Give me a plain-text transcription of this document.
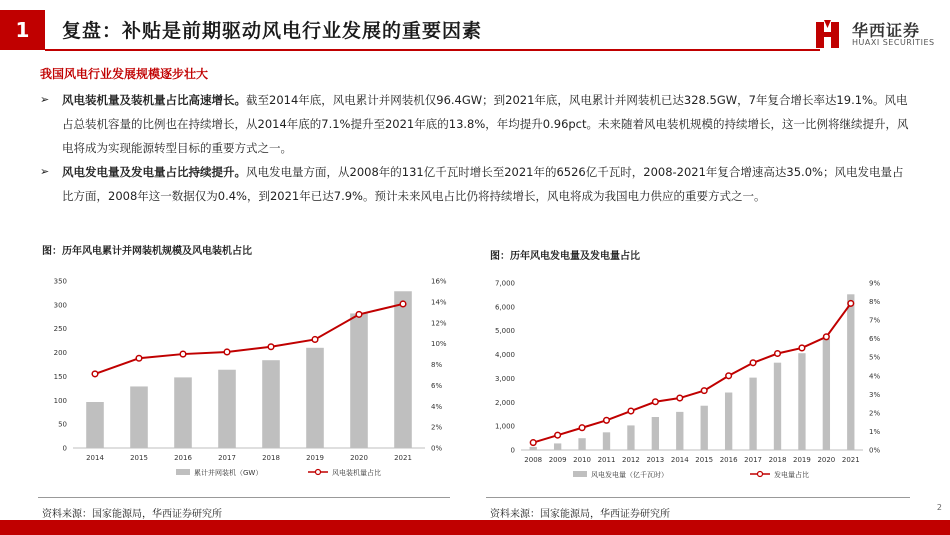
1	复盘：补贴是前期驱动风电行业发展的重要因素	华西证券
HUAXI SECURITIES
我国风电行业发展规模逐步壮大
➢	风电装机量及装机量占比高速增长。截至2014年底，风电累计并网装机仅96.4GW；到2021年底，风电累计并网装机已达328.5GW，7年复合增长率达19.1%。风电占总装机容量的比例也在持续增长，从2014年底的7.1%提升至2021年底的13.8%，年均提升0.96pct。未来随着风电装机规模的持续增长，这一比例将继续提升，风电将成为实现能源转型目标的重要方式之一。
➢	风电发电量及发电量占比持续提升。风电发电量方面，从2008年的131亿千瓦时增长至2021年的6526亿千瓦时，2008-2021年复合增速高达35.0%；风电发电量占比方面，2008年这一数据仅为0.4%，到2021年已达7.9%。预计未来风电占比仍将持续增长，风电将成为我国电力供应的重要方式之一。
图：历年风电累计并网装机规模及风电装机占比	图：历年风电发电量及发电量占比
0
50
100
150
200
250
300
350
0%
2%
4%
6%
8%
10%
12%
14%
16%
2014	2015	2016	2017	2018	2019	2020	2021
累计并网装机（GW）	风电装机量占比
0
1,000
2,000
3,000
4,000
5,000
6,000
7,000
0%
1%
2%
3%
4%
5%
6%
7%
8%
9%
2008 2009 2010 2011 2012 2013 2014 2015 2016 2017 2018 2019 2020 2021
风电发电量（亿千瓦时）	发电量占比
资料来源：国家能源局，华西证券研究所	资料来源：国家能源局，华西证券研究所
2
